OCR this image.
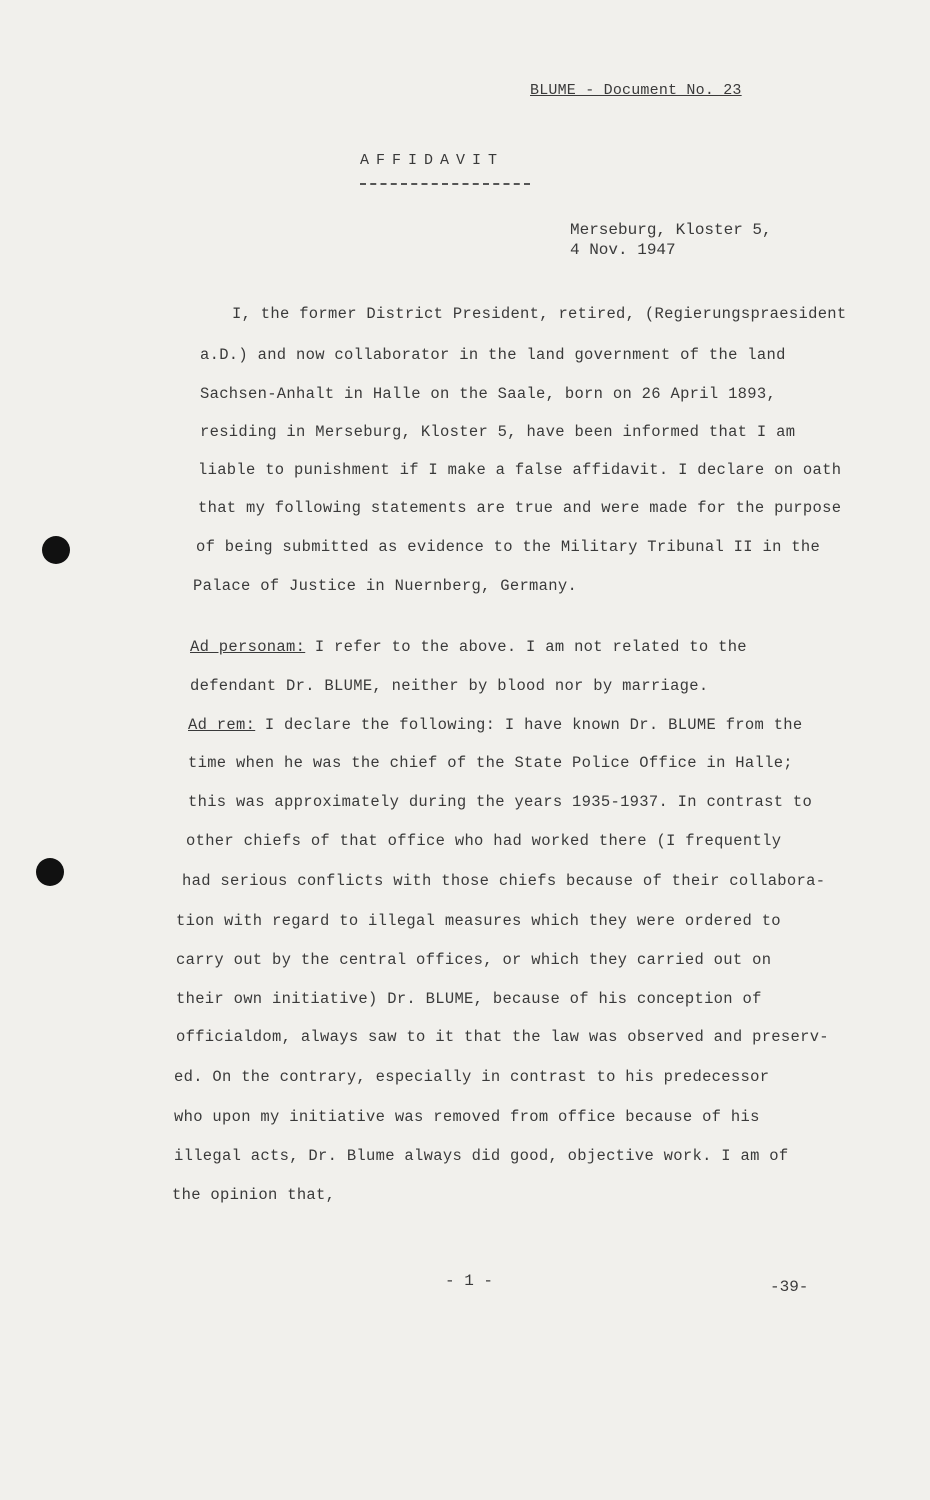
BLUME - Document No. 23
AFFIDAVIT
Merseburg, Kloster 5,
4 Nov. 1947
I, the former District President, retired, (Regierungspraesident
a.D.) and now collaborator in the land government of the land
Sachsen-Anhalt in Halle on the Saale, born on 26 April 1893,
residing in Merseburg, Kloster 5, have been informed that I am
liable to punishment if I make a false affidavit. I declare on oath
that my following statements are true and were made for the purpose
of being submitted as evidence to the Military Tribunal II in the
Palace of Justice in Nuernberg, Germany.
Ad personam: I refer to the above. I am not related to the
defendant Dr. BLUME, neither by blood nor by marriage.
Ad rem: I declare the following: I have known Dr. BLUME from the
time when he was the chief of the State Police Office in Halle;
this was approximately during the years 1935-1937. In contrast to
other chiefs of that office who had worked there (I frequently
had serious conflicts with those chiefs because of their collabora-
tion with regard to illegal measures which they were ordered to
carry out by the central offices, or which they carried out on
their own initiative) Dr. BLUME, because of his conception of
officialdom, always saw to it that the law was observed and preserv-
ed. On the contrary, especially in contrast to his predecessor
who upon my initiative was removed from office because of his
illegal acts, Dr. Blume always did good, objective work. I am of
the opinion that,
- 1 -	-39-
